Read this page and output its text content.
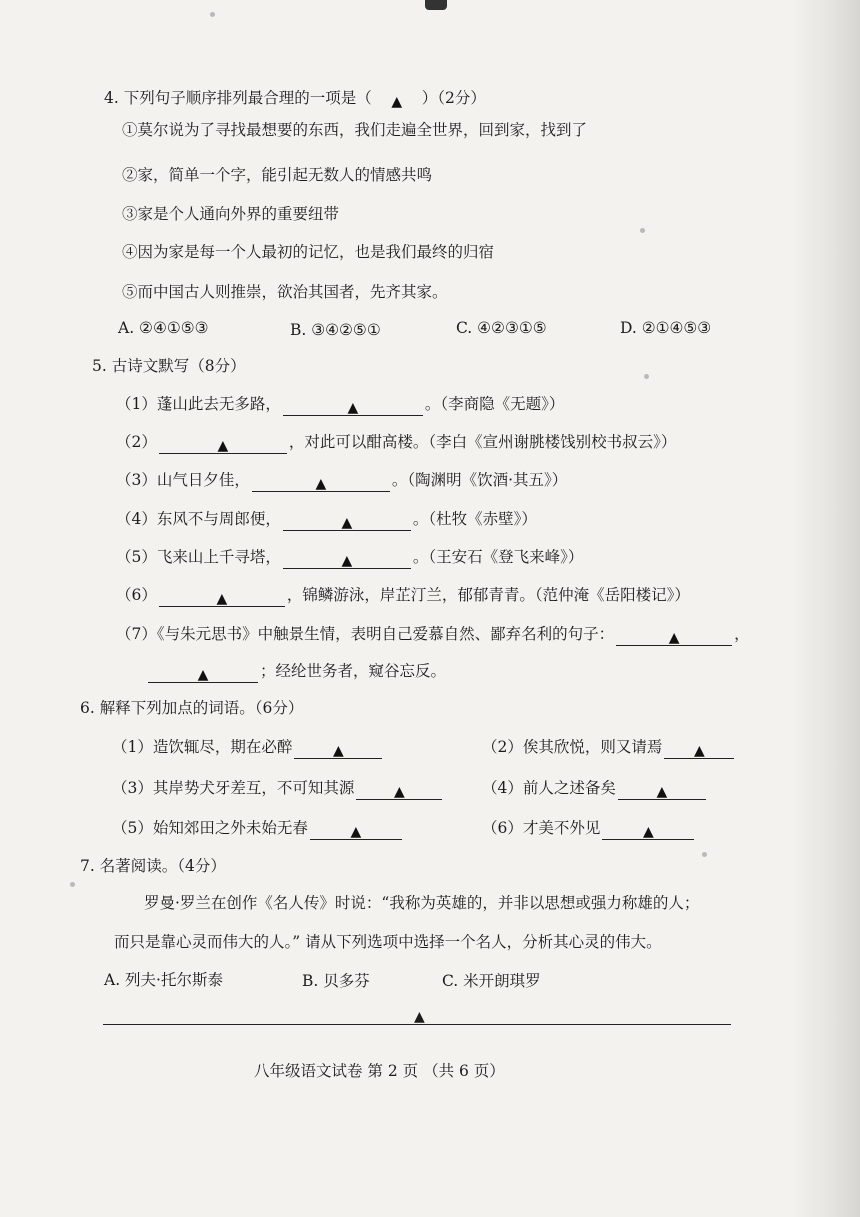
4. 下列句子顺序排列最合理的一项是（ ▲ ）（2分）
①莫尔说为了寻找最想要的东西，我们走遍全世界，回到家，找到了
②家，简单一个字，能引起无数人的情感共鸣
③家是个人通向外界的重要纽带
④因为家是每一个人最初的记忆，也是我们最终的归宿
⑤而中国古人则推崇，欲治其国者，先齐其家。
A. ②④①⑤③	B. ③④②⑤①	C. ④②③①⑤	D. ②①④⑤③
5. 古诗文默写（8分）
（1）蓬山此去无多路，	▲	。（李商隐《无题》）
（2）	▲	，对此可以酣高楼。（李白《宣州谢朓楼饯别校书叔云》）
（3）山气日夕佳，	▲	。（陶渊明《饮酒·其五》）
（4）东风不与周郎便，	▲	。（杜牧《赤壁》）
（5）飞来山上千寻塔，	▲	。（王安石《登飞来峰》）
（6）	▲	，锦鳞游泳，岸芷汀兰，郁郁青青。（范仲淹《岳阳楼记》）
（7）《与朱元思书》中触景生情，表明自己爱慕自然、鄙弃名利的句子：	▲	，
▲	；经纶世务者，窥谷忘反。
6. 解释下列加点的词语。（6分）
（1）造饮辄尽，期在必醉	▲	（2）俟其欣悦，则又请焉 ▲
（3）其岸势犬牙差互，不可知其源	▲	（4）前人之述备矣	▲
（5）始知郊田之外未始无春	▲	（6）才美不外见	▲
7. 名著阅读。（4分）
罗曼·罗兰在创作《名人传》时说：“我称为英雄的，并非以思想或强力称雄的人；
而只是靠心灵而伟大的人。” 请从下列选项中选择一个名人，分析其心灵的伟大。
A. 列夫·托尔斯泰	B. 贝多芬	C. 米开朗琪罗
▲
八年级语文试卷 第 2 页 （共 6 页）
